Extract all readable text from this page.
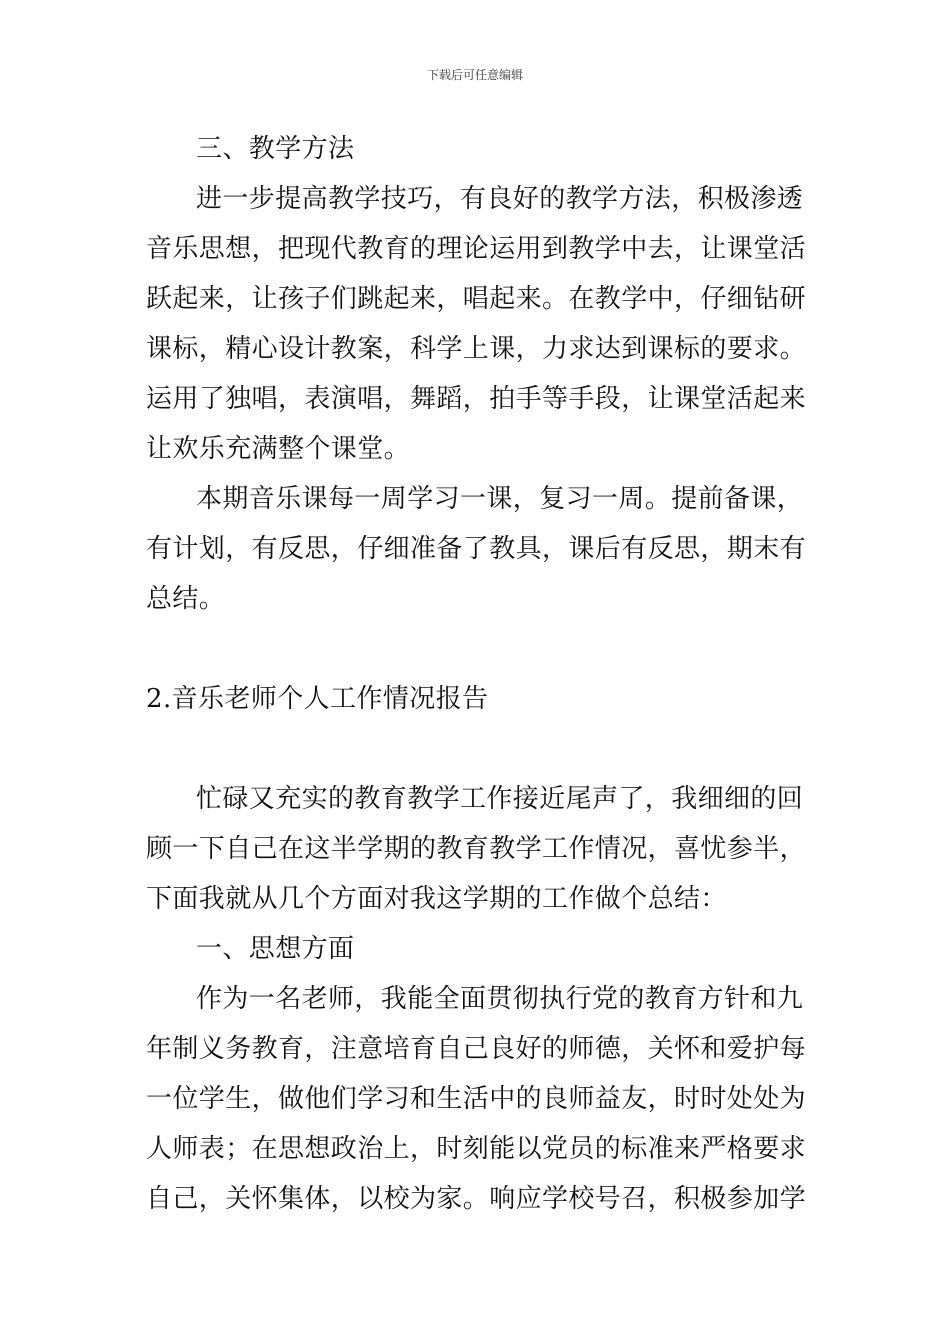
下载后可任意编辑
三、教学方法
进一步提高教学技巧，有良好的教学方法，积极渗透
音乐思想，把现代教育的理论运用到教学中去，让课堂活
跃起来，让孩子们跳起来，唱起来。在教学中，仔细钻研
课标，精心设计教案，科学上课，力求达到课标的要求。
运用了独唱，表演唱，舞蹈，拍手等手段，让课堂活起来
让欢乐充满整个课堂。
本期音乐课每一周学习一课，复习一周。提前备课，
有计划，有反思，仔细准备了教具，课后有反思，期末有
总结。
2.音乐老师个人工作情况报告
忙碌又充实的教育教学工作接近尾声了，我细细的回
顾一下自己在这半学期的教育教学工作情况，喜忧参半，
下面我就从几个方面对我这学期的工作做个总结：
一、思想方面
作为一名老师，我能全面贯彻执行党的教育方针和九
年制义务教育，注意培育自己良好的师德，关怀和爱护每
一位学生，做他们学习和生活中的良师益友，时时处处为
人师表；在思想政治上，时刻能以党员的标准来严格要求
自己，关怀集体，以校为家。响应学校号召，积极参加学
